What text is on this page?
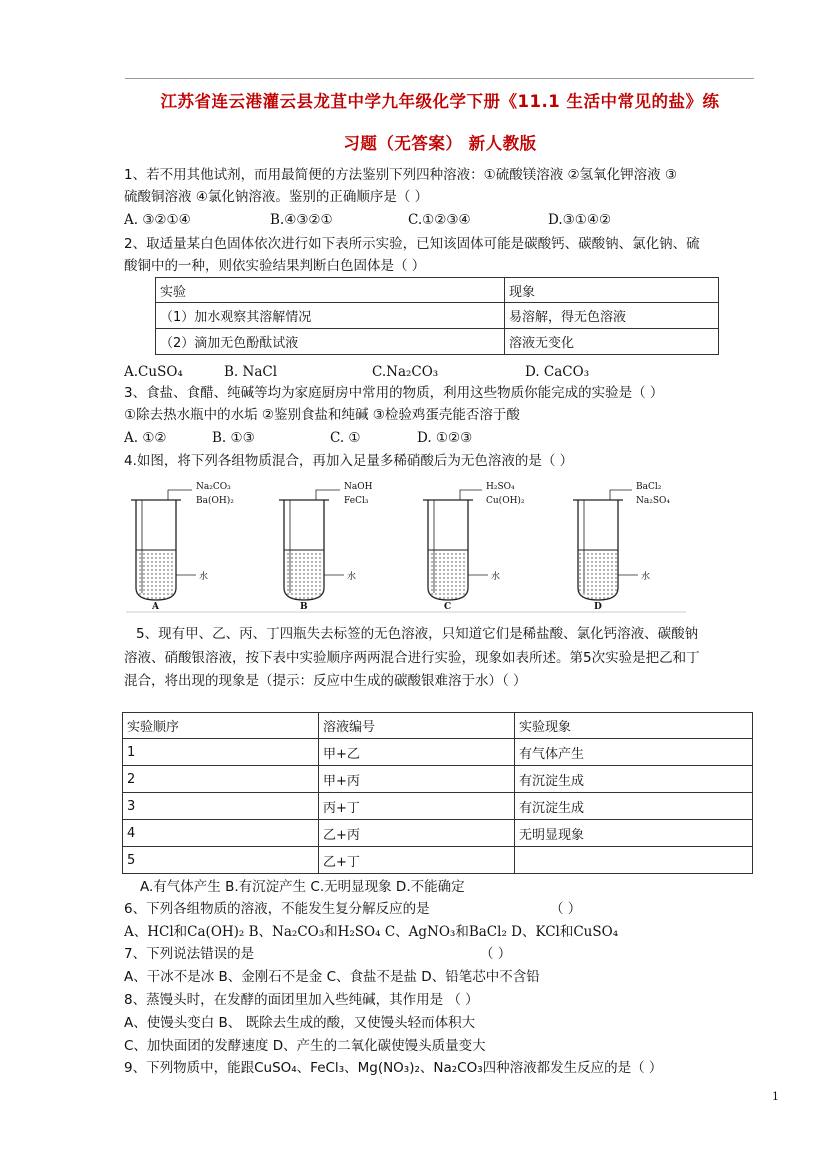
江苏省连云港灌云县龙苴中学九年级化学下册《11.1 生活中常见的盐》练
习题（无答案） 新人教版
1、若不用其他试剂，而用最简便的方法鉴别下列四种溶液：①硫酸镁溶液 ②氢氧化钾溶液 ③
硫酸铜溶液 ④氯化钠溶液。鉴别的正确顺序是（ ）
A. ③②①④	B.④③②①	C.①②③④	D.③①④②
2、取适量某白色固体依次进行如下表所示实验，已知该固体可能是碳酸钙、碳酸钠、氯化钠、硫
酸铜中的一种，则依实验结果判断白色固体是（ ）
实验	现象
（1）加水观察其溶解情况	易溶解，得无色溶液
（2）滴加无色酚酞试液	溶液无变化
A.CuSO₄	B. NaCl	C.Na₂CO₃	D. CaCO₃
3、食盐、食醋、纯碱等均为家庭厨房中常用的物质，利用这些物质你能完成的实验是（ ）
①除去热水瓶中的水垢 ②鉴别食盐和纯碱 ③检验鸡蛋壳能否溶于酸
A. ①②	B. ①③	C. ①	D. ①②③
4.如图，将下列各组物质混合，再加入足量多稀硝酸后为无色溶液的是（ ）
Na₂CO₃
Ba(OH)₂
水
A
NaOH
FeCl₃
水
B
H₂SO₄
Cu(OH)₂
水
C
BaCl₂
Na₂SO₄
水
D
5、现有甲、乙、丙、丁四瓶失去标签的无色溶液，只知道它们是稀盐酸、氯化钙溶液、碳酸钠
溶液、硝酸银溶液，按下表中实验顺序两两混合进行实验，现象如表所述。第5次实验是把乙和丁
混合，将出现的现象是（提示：反应中生成的碳酸银难溶于水）（ ）
实验顺序	溶液编号	实验现象
1	甲+乙	有气体产生
2	甲+丙	有沉淀生成
3	丙+丁	有沉淀生成
4	乙+丙	无明显现象
5	乙+丁	
A.有气体产生 B.有沉淀产生 C.无明显现象 D.不能确定
6、下列各组物质的溶液，不能发生复分解反应的是	（ ）
A、HCl和Ca(OH)₂ B、Na₂CO₃和H₂SO₄ C、AgNO₃和BaCl₂ D、KCl和CuSO₄
7、下列说法错误的是	（ ）
A、干冰不是冰 B、金刚石不是金 C、食盐不是盐 D、铅笔芯中不含铅
8、蒸馒头时，在发酵的面团里加入些纯碱，其作用是 （ ）
A、使馒头变白 B、 既除去生成的酸，又使馒头轻而体积大
C、加快面团的发酵速度 D、产生的二氧化碳使馒头质量变大
9、下列物质中，能跟CuSO₄、FeCl₃、Mg(NO₃)₂、Na₂CO₃四种溶液都发生反应的是（ ）
1
